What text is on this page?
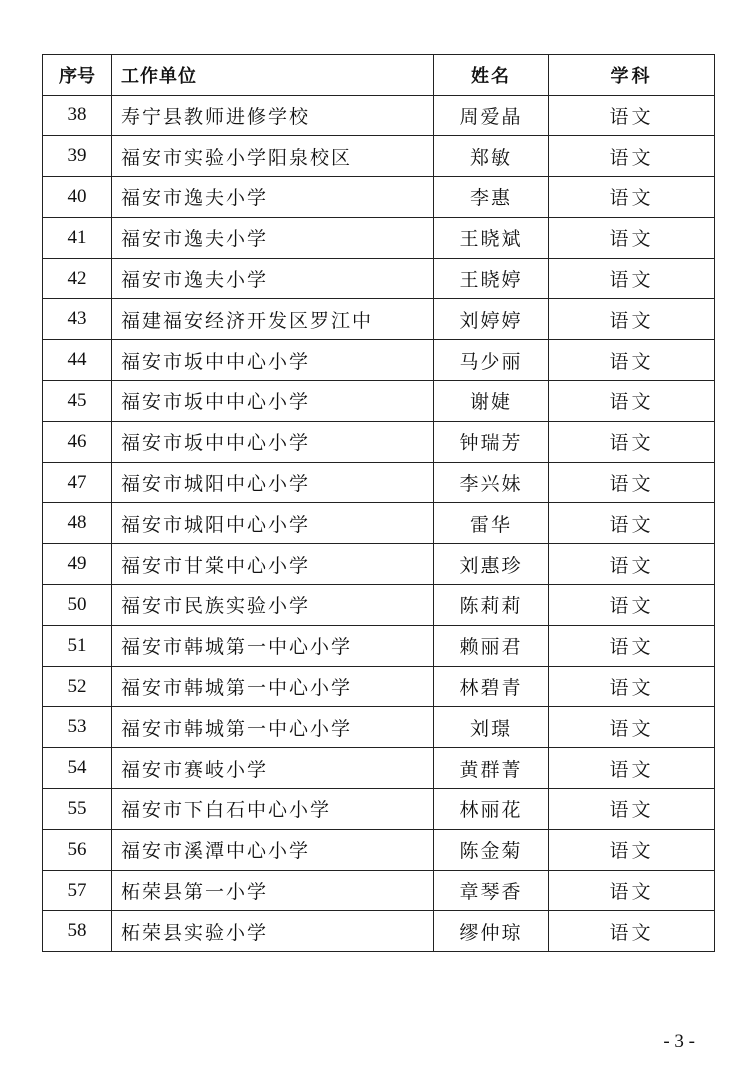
序号	工作单位	姓名	学科
38	寿宁县教师进修学校	周爱晶	语文
39	福安市实验小学阳泉校区	郑敏	语文
40	福安市逸夫小学	李惠	语文
41	福安市逸夫小学	王晓斌	语文
42	福安市逸夫小学	王晓婷	语文
43	福建福安经济开发区罗江中	刘婷婷	语文
44	福安市坂中中心小学	马少丽	语文
45	福安市坂中中心小学	谢婕	语文
46	福安市坂中中心小学	钟瑞芳	语文
47	福安市城阳中心小学	李兴妹	语文
48	福安市城阳中心小学	雷华	语文
49	福安市甘棠中心小学	刘惠珍	语文
50	福安市民族实验小学	陈莉莉	语文
51	福安市韩城第一中心小学	赖丽君	语文
52	福安市韩城第一中心小学	林碧青	语文
53	福安市韩城第一中心小学	刘璟	语文
54	福安市赛岐小学	黄群菁	语文
55	福安市下白石中心小学	林丽花	语文
56	福安市溪潭中心小学	陈金菊	语文
57	柘荣县第一小学	章琴香	语文
58	柘荣县实验小学	缪仲琼	语文
- 3 -
